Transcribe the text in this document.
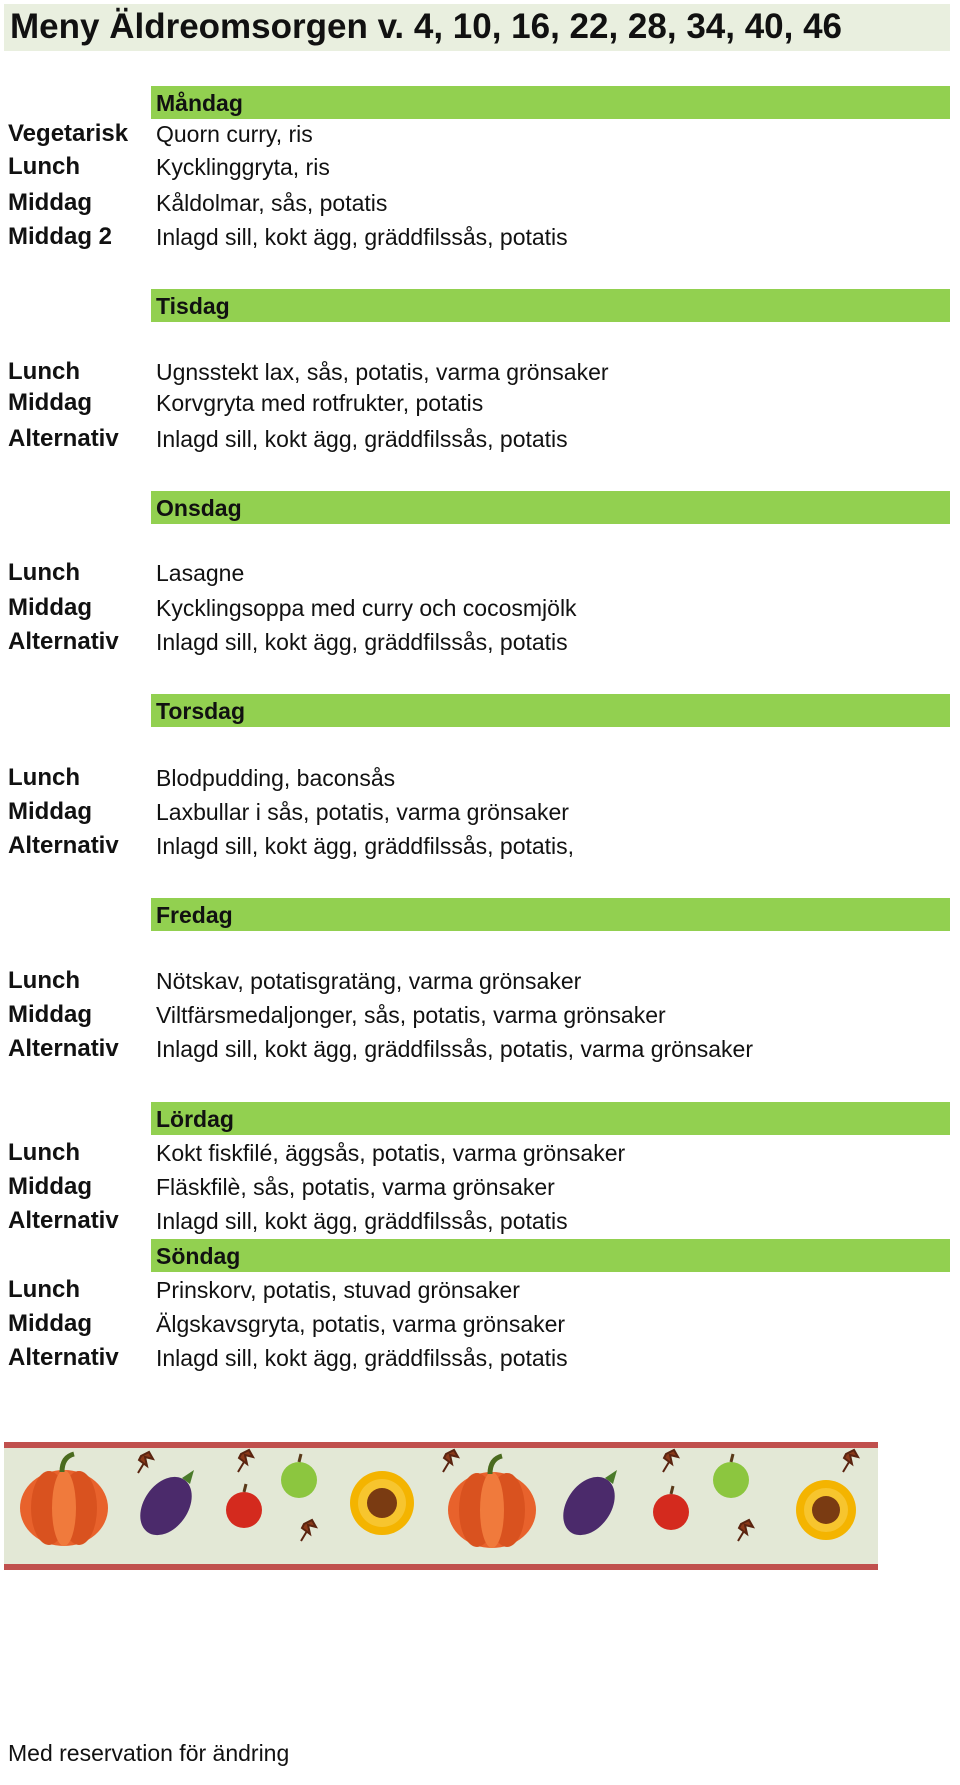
Meny Äldreomsorgen v. 4, 10, 16, 22, 28, 34, 40, 46
Måndag
Vegetarisk Quorn curry, ris
Lunch	Kycklinggryta, ris
Middag	Kåldolmar, sås, potatis
Middag 2 Inlagd sill, kokt ägg, gräddfilssås, potatis
Tisdag
Lunch	Ugnsstekt lax, sås, potatis, varma grönsaker
Middag	Korvgryta med rotfrukter, potatis
Alternativ Inlagd sill, kokt ägg, gräddfilssås, potatis
Onsdag
Lunch	Lasagne
Middag	Kycklingsoppa med curry och cocosmjölk
Alternativ Inlagd sill, kokt ägg, gräddfilssås, potatis
Torsdag
Lunch	Blodpudding, baconsås
Middag	Laxbullar i sås, potatis, varma grönsaker
Alternativ Inlagd sill, kokt ägg, gräddfilssås, potatis,
Fredag
Lunch	Nötskav, potatisgratäng, varma grönsaker
Middag	Viltfärsmedaljonger, sås, potatis, varma grönsaker
Alternativ Inlagd sill, kokt ägg, gräddfilssås, potatis, varma grönsaker
Lördag
Lunch	Kokt fiskfilé, äggsås, potatis, varma grönsaker
Middag	Fläskfilè, sås, potatis, varma grönsaker
Alternativ Inlagd sill, kokt ägg, gräddfilssås, potatis
Söndag
Lunch	Prinskorv, potatis, stuvad grönsaker
Middag	Älgskavsgryta, potatis, varma grönsaker
Alternativ Inlagd sill, kokt ägg, gräddfilssås, potatis
Med reservation för ändring
